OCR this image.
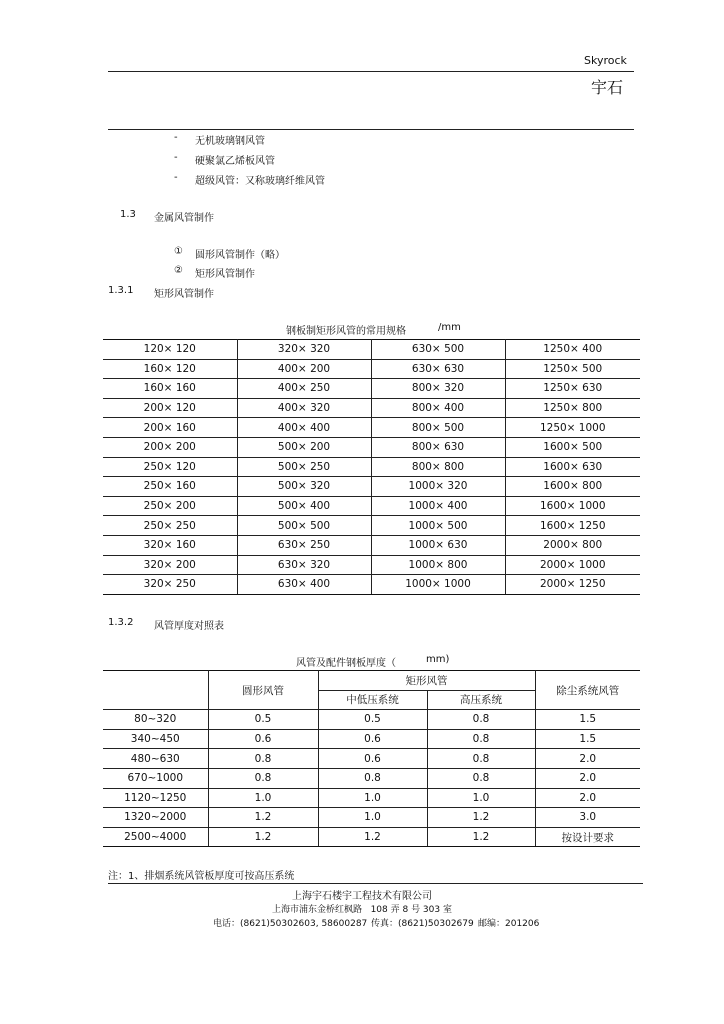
Skyrock
宇石
- 无机玻璃钢风管
- 硬聚氯乙烯板风管
- 超级风管：又称玻璃纤维风管
1.3 金属风管制作
① 圆形风管制作（略）
② 矩形风管制作
1.3.1 矩形风管制作
钢板制矩形风管的常用规格	/mm
120× 120	320× 320	630× 500	1250× 400
160× 120	400× 200	630× 630	1250× 500
160× 160	400× 250	800× 320	1250× 630
200× 120	400× 320	800× 400	1250× 800
200× 160	400× 400	800× 500	1250× 1000
200× 200	500× 200	800× 630	1600× 500
250× 120	500× 250	800× 800	1600× 630
250× 160	500× 320	1000× 320	1600× 800
250× 200	500× 400	1000× 400	1600× 1000
250× 250	500× 500	1000× 500	1600× 1250
320× 160	630× 250	1000× 630	2000× 800
320× 200	630× 320	1000× 800	2000× 1000
320× 250	630× 400	1000× 1000	2000× 1250
1.3.2 风管厚度对照表
风管及配件钢板厚度（	mm)
	圆形风管	矩形风管		除尘系统风管
		中低压系统	高压系统	
80~320	0.5	0.5	0.8	1.5
340~450	0.6	0.6	0.8	1.5
480~630	0.8	0.6	0.8	2.0
670~1000	0.8	0.8	0.8	2.0
1120~1250	1.0	1.0	1.0	2.0
1320~2000	1.2	1.0	1.2	3.0
2500~4000	1.2	1.2	1.2	按设计要求
注：1、排烟系统风管板厚度可按高压系统
上海宇石楼宇工程技术有限公司
上海市浦东金桥红枫路   108 弄 8 号 303 室
电话：(8621)50302603, 58600287 传真：(8621)50302679 邮编：201206
